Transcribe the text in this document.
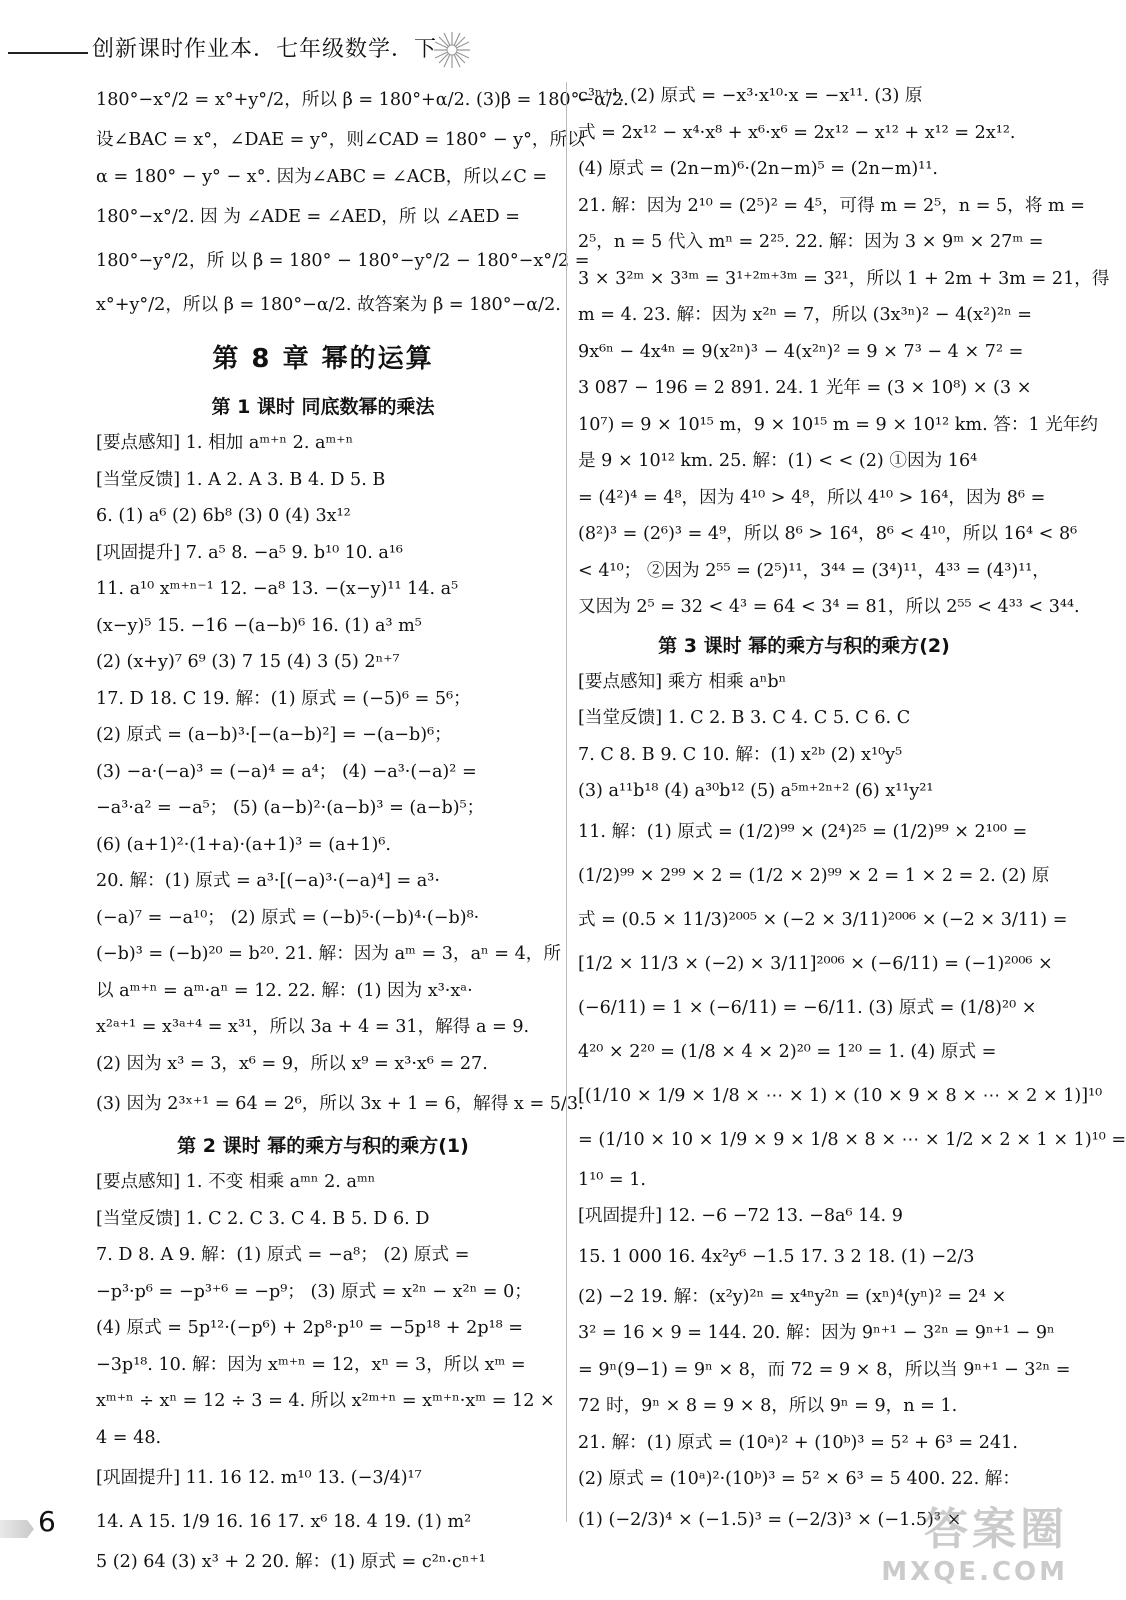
创新课时作业本．七年级数学．下
180°−x°/2 = x°+y°/2，所以 β = 180°+α/2. (3)β = 180°−α/2.
设∠BAC = x°，∠DAE = y°，则∠CAD = 180° − y°，所以
α = 180° − y° − x°. 因为∠ABC = ∠ACB，所以∠C =
180°−x°/2. 因 为 ∠ADE = ∠AED，所 以 ∠AED =
180°−y°/2，所 以 β = 180° − 180°−y°/2 − 180°−x°/2 =
x°+y°/2，所以 β = 180°−α/2. 故答案为 β = 180°−α/2.
第 8 章 幂的运算
第 1 课时 同底数幂的乘法
[要点感知] 1. 相加 aᵐ⁺ⁿ 2. aᵐ⁺ⁿ
[当堂反馈] 1. A 2. A 3. B 4. D 5. B
6. (1) a⁶ (2) 6b⁸ (3) 0 (4) 3x¹²
[巩固提升] 7. a⁵ 8. −a⁵ 9. b¹⁰ 10. a¹⁶
11. a¹⁰ xᵐ⁺ⁿ⁻¹ 12. −a⁸ 13. −(x−y)¹¹ 14. a⁵
(x−y)⁵ 15. −16 −(a−b)⁶ 16. (1) a³ m⁵
(2) (x+y)⁷ 6⁹ (3) 7 15 (4) 3 (5) 2ⁿ⁺⁷
17. D 18. C 19. 解：(1) 原式 = (−5)⁶ = 5⁶；
(2) 原式 = (a−b)³·[−(a−b)²] = −(a−b)⁶；
(3) −a·(−a)³ = (−a)⁴ = a⁴； (4) −a³·(−a)² =
−a³·a² = −a⁵； (5) (a−b)²·(a−b)³ = (a−b)⁵；
(6) (a+1)²·(1+a)·(a+1)³ = (a+1)⁶.
20. 解：(1) 原式 = a³·[(−a)³·(−a)⁴] = a³·
(−a)⁷ = −a¹⁰； (2) 原式 = (−b)⁵·(−b)⁴·(−b)⁸·
(−b)³ = (−b)²⁰ = b²⁰. 21. 解：因为 aᵐ = 3，aⁿ = 4，所
以 aᵐ⁺ⁿ = aᵐ·aⁿ = 12. 22. 解：(1) 因为 x³·xᵃ·
x²ᵃ⁺¹ = x³ᵃ⁺⁴ = x³¹，所以 3a + 4 = 31，解得 a = 9.
(2) 因为 x³ = 3，x⁶ = 9，所以 x⁹ = x³·x⁶ = 27.
(3) 因为 2³ˣ⁺¹ = 64 = 2⁶，所以 3x + 1 = 6，解得 x = 5/3.
第 2 课时 幂的乘方与积的乘方(1)
[要点感知] 1. 不变 相乘 aᵐⁿ 2. aᵐⁿ
[当堂反馈] 1. C 2. C 3. C 4. B 5. D 6. D
7. D 8. A 9. 解：(1) 原式 = −a⁸； (2) 原式 =
−p³·p⁶ = −p³⁺⁶ = −p⁹； (3) 原式 = x²ⁿ − x²ⁿ = 0；
(4) 原式 = 5p¹²·(−p⁶) + 2p⁸·p¹⁰ = −5p¹⁸ + 2p¹⁸ =
−3p¹⁸. 10. 解：因为 xᵐ⁺ⁿ = 12，xⁿ = 3，所以 xᵐ =
xᵐ⁺ⁿ ÷ xⁿ = 12 ÷ 3 = 4. 所以 x²ᵐ⁺ⁿ = xᵐ⁺ⁿ·xᵐ = 12 ×
4 = 48.
[巩固提升] 11. 16 12. m¹⁰ 13. (−3/4)¹⁷
14. A 15. 1/9 16. 16 17. x⁶ 18. 4 19. (1) m²
5 (2) 64 (3) x³ + 2 20. 解：(1) 原式 = c²ⁿ·cⁿ⁺¹
c³ⁿ⁺¹. (2) 原式 = −x³·x¹⁰·x = −x¹¹. (3) 原
式 = 2x¹² − x⁴·x⁸ + x⁶·x⁶ = 2x¹² − x¹² + x¹² = 2x¹².
(4) 原式 = (2n−m)⁶·(2n−m)⁵ = (2n−m)¹¹.
21. 解：因为 2¹⁰ = (2⁵)² = 4⁵，可得 m = 2⁵，n = 5，将 m =
2⁵，n = 5 代入 mⁿ = 2²⁵. 22. 解：因为 3 × 9ᵐ × 27ᵐ =
3 × 3²ᵐ × 3³ᵐ = 3¹⁺²ᵐ⁺³ᵐ = 3²¹，所以 1 + 2m + 3m = 21，得
m = 4. 23. 解：因为 x²ⁿ = 7，所以 (3x³ⁿ)² − 4(x²)²ⁿ =
9x⁶ⁿ − 4x⁴ⁿ = 9(x²ⁿ)³ − 4(x²ⁿ)² = 9 × 7³ − 4 × 7² =
3 087 − 196 = 2 891. 24. 1 光年 = (3 × 10⁸) × (3 ×
10⁷) = 9 × 10¹⁵ m，9 × 10¹⁵ m = 9 × 10¹² km. 答：1 光年约
是 9 × 10¹² km. 25. 解：(1) < < (2) ①因为 16⁴
= (4²)⁴ = 4⁸，因为 4¹⁰ > 4⁸，所以 4¹⁰ > 16⁴，因为 8⁶ =
(8²)³ = (2⁶)³ = 4⁹，所以 8⁶ > 16⁴，8⁶ < 4¹⁰，所以 16⁴ < 8⁶
< 4¹⁰； ②因为 2⁵⁵ = (2⁵)¹¹，3⁴⁴ = (3⁴)¹¹，4³³ = (4³)¹¹，
又因为 2⁵ = 32 < 4³ = 64 < 3⁴ = 81，所以 2⁵⁵ < 4³³ < 3⁴⁴.
第 3 课时 幂的乘方与积的乘方(2)
[要点感知] 乘方 相乘 aⁿbⁿ
[当堂反馈] 1. C 2. B 3. C 4. C 5. C 6. C
7. C 8. B 9. C 10. 解：(1) x²ᵇ (2) x¹⁰y⁵
(3) a¹¹b¹⁸ (4) a³⁰b¹² (5) a⁵ᵐ⁺²ⁿ⁺² (6) x¹¹y²¹
11. 解：(1) 原式 = (1/2)⁹⁹ × (2⁴)²⁵ = (1/2)⁹⁹ × 2¹⁰⁰ =
(1/2)⁹⁹ × 2⁹⁹ × 2 = (1/2 × 2)⁹⁹ × 2 = 1 × 2 = 2. (2) 原
式 = (0.5 × 11/3)²⁰⁰⁵ × (−2 × 3/11)²⁰⁰⁶ × (−2 × 3/11) =
[1/2 × 11/3 × (−2) × 3/11]²⁰⁰⁶ × (−6/11) = (−1)²⁰⁰⁶ ×
(−6/11) = 1 × (−6/11) = −6/11. (3) 原式 = (1/8)²⁰ ×
4²⁰ × 2²⁰ = (1/8 × 4 × 2)²⁰ = 1²⁰ = 1. (4) 原式 =
[(1/10 × 1/9 × 1/8 × ⋯ × 1) × (10 × 9 × 8 × ⋯ × 2 × 1)]¹⁰
= (1/10 × 10 × 1/9 × 9 × 1/8 × 8 × ⋯ × 1/2 × 2 × 1 × 1)¹⁰ =
1¹⁰ = 1.
[巩固提升] 12. −6 −72 13. −8a⁶ 14. 9
15. 1 000 16. 4x²y⁶ −1.5 17. 3 2 18. (1) −2/3
(2) −2 19. 解：(x²y)²ⁿ = x⁴ⁿy²ⁿ = (xⁿ)⁴(yⁿ)² = 2⁴ ×
3² = 16 × 9 = 144. 20. 解：因为 9ⁿ⁺¹ − 3²ⁿ = 9ⁿ⁺¹ − 9ⁿ
= 9ⁿ(9−1) = 9ⁿ × 8，而 72 = 9 × 8，所以当 9ⁿ⁺¹ − 3²ⁿ =
72 时，9ⁿ × 8 = 9 × 8，所以 9ⁿ = 9，n = 1.
21. 解：(1) 原式 = (10ᵃ)² + (10ᵇ)³ = 5² + 6³ = 241.
(2) 原式 = (10ᵃ)²·(10ᵇ)³ = 5² × 6³ = 5 400. 22. 解：
(1) (−2/3)⁴ × (−1.5)³ = (−2/3)³ × (−1.5)³ ×
6	答案圈
MXQE.COM
